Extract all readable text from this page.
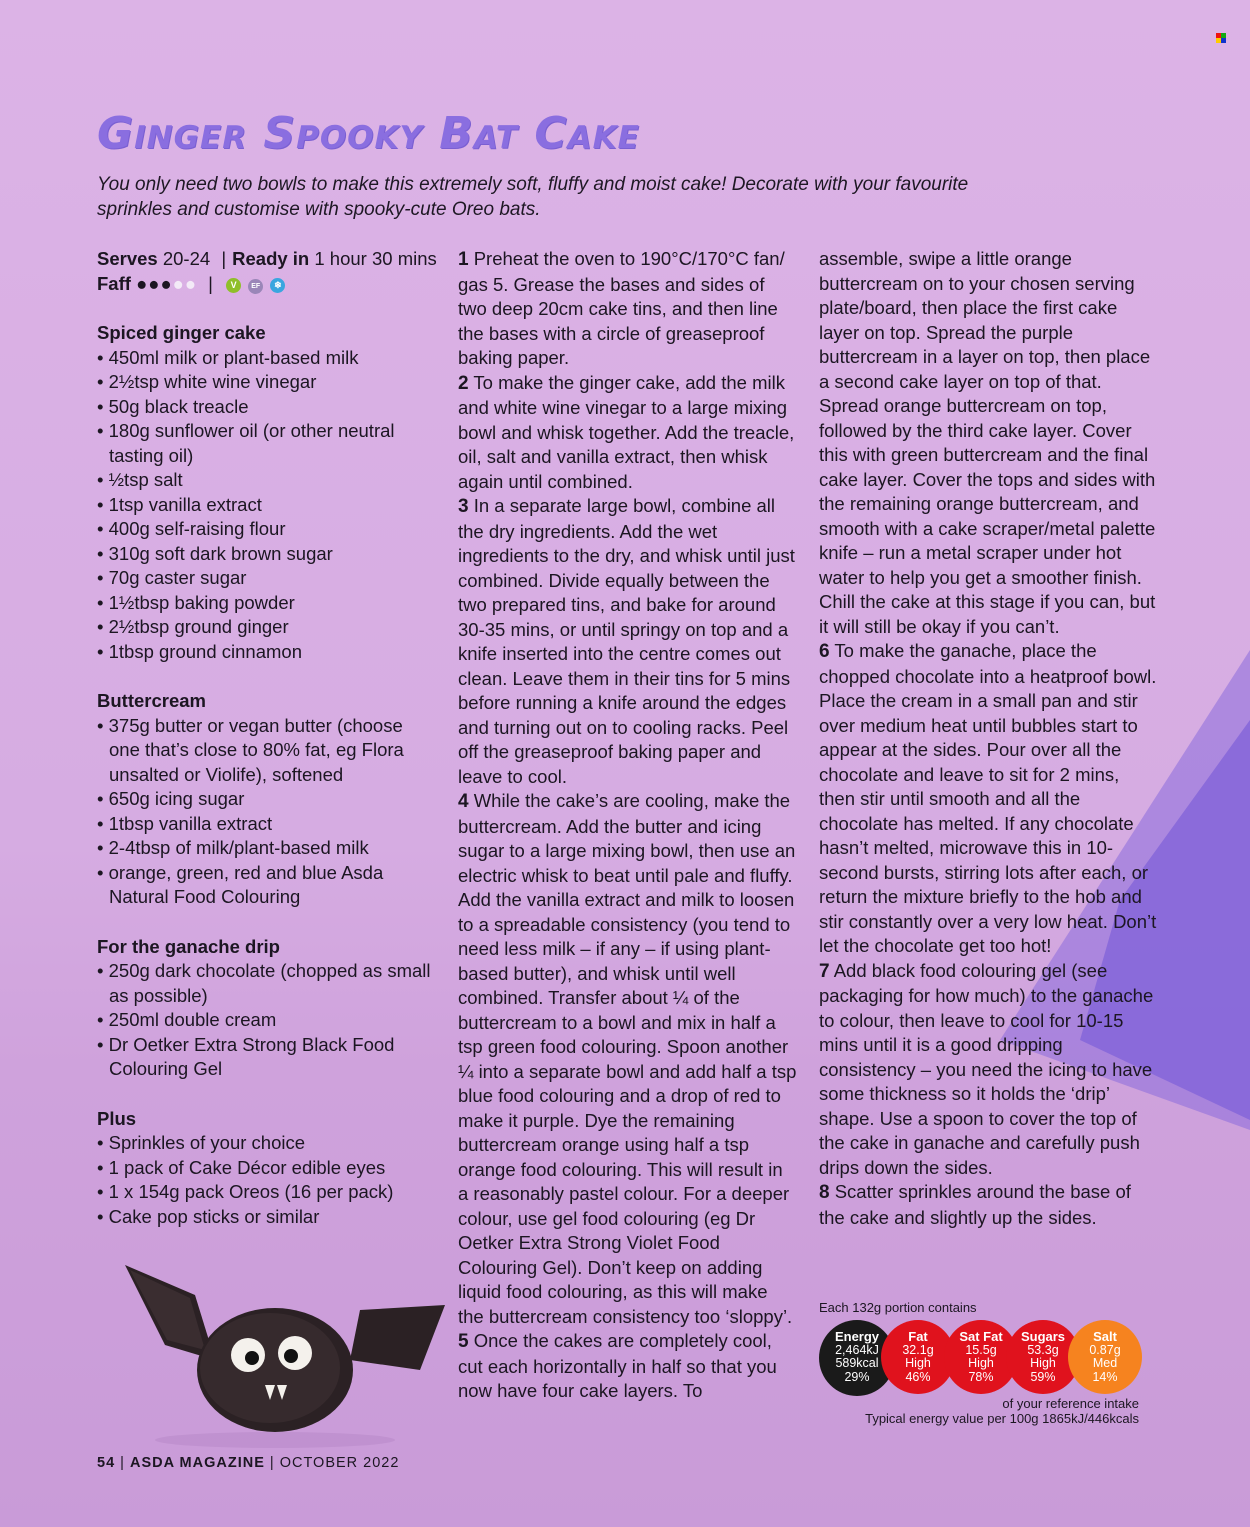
Ginger Spooky Bat Cake

You only need two bowls to make this extremely soft, fluffy and moist cake! Decorate with your favourite sprinkles and customise with spooky-cute Oreo bats.

Serves 20-24 | Ready in 1 hour 30 mins
Faff ●●●●● | V EF ❄
Spiced ginger cake
• 450ml milk or plant-based milk
• 2½tsp white wine vinegar
• 50g black treacle
• 180g sunflower oil (or other neutral tasting oil)
• ½tsp salt
• 1tsp vanilla extract
• 400g self-raising flour
• 310g soft dark brown sugar
• 70g caster sugar
• 1½tbsp baking powder
• 2½tbsp ground ginger
• 1tbsp ground cinnamon
Buttercream
• 375g butter or vegan butter (choose one that’s close to 80% fat, eg Flora unsalted or Violife), softened
• 650g icing sugar
• 1tbsp vanilla extract
• 2-4tbsp of milk/plant-based milk
• orange, green, red and blue Asda Natural Food Colouring
For the ganache drip
• 250g dark chocolate (chopped as small as possible)
• 250ml double cream
• Dr Oetker Extra Strong Black Food Colouring Gel
Plus
• Sprinkles of your choice
• 1 pack of Cake Décor edible eyes
• 1 x 154g pack Oreos (16 per pack)
• Cake pop sticks or similar

1 Preheat the oven to 190°C/170°C fan/ gas 5. Grease the bases and sides of two deep 20cm cake tins, and then line the bases with a circle of greaseproof baking paper.

2 To make the ginger cake, add the milk and white wine vinegar to a large mixing bowl and whisk together. Add the treacle, oil, salt and vanilla extract, then whisk again until combined.

3 In a separate large bowl, combine all the dry ingredients. Add the wet ingredients to the dry, and whisk until just combined. Divide equally between the two prepared tins, and bake for around 30-35 mins, or until springy on top and a knife inserted into the centre comes out clean. Leave them in their tins for 5 mins before running a knife around the edges and turning out on to cooling racks. Peel off the greaseproof baking paper and leave to cool.

4 While the cake’s are cooling, make the buttercream. Add the butter and icing sugar to a large mixing bowl, then use an electric whisk to beat until pale and fluffy. Add the vanilla extract and milk to loosen to a spreadable consistency (you tend to need less milk – if any – if using plant-based butter), and whisk until well combined. Transfer about ¼ of the buttercream to a bowl and mix in half a tsp green food colouring. Spoon another ¼ into a separate bowl and add half a tsp blue food colouring and a drop of red to make it purple. Dye the remaining buttercream orange using half a tsp orange food colouring. This will result in a reasonably pastel colour. For a deeper colour, use gel food colouring (eg Dr Oetker Extra Strong Violet Food Colouring Gel). Don’t keep on adding liquid food colouring, as this will make the buttercream consistency too ‘sloppy’.

5 Once the cakes are completely cool, cut each horizontally in half so that you now have four cake layers. To

assemble, swipe a little orange buttercream on to your chosen serving plate/board, then place the first cake layer on top. Spread the purple buttercream in a layer on top, then place a second cake layer on top of that. Spread orange buttercream on top, followed by the third cake layer. Cover this with green buttercream and the final cake layer. Cover the tops and sides with the remaining orange buttercream, and smooth with a cake scraper/metal palette knife – run a metal scraper under hot water to help you get a smoother finish. Chill the cake at this stage if you can, but it will still be okay if you can’t.

6 To make the ganache, place the chopped chocolate into a heatproof bowl. Place the cream in a small pan and stir over medium heat until bubbles start to appear at the sides. Pour over all the chocolate and leave to sit for 2 mins, then stir until smooth and all the chocolate has melted. If any chocolate hasn’t melted, microwave this in 10-second bursts, stirring lots after each, or return the mixture briefly to the hob and stir constantly over a very low heat. Don’t let the chocolate get too hot!

7 Add black food colouring gel (see packaging for how much) to the ganache to colour, then leave to cool for 10-15 mins until it is a good dripping consistency – you need the icing to have some thickness so it holds the ‘drip’ shape. Use a spoon to cover the top of the cake in ganache and carefully push drips down the sides.

8 Scatter sprinkles around the base of the cake and slightly up the sides.

Each 132g portion contains
Energy
2,464kJ
589kcal
29%
Fat
32.1g
High
46%
Sat Fat
15.5g
High
78%
Sugars
53.3g
High
59%
Salt
0.87g
Med
14%
of your reference intake
Typical energy value per 100g 1865kJ/446kcals
54 | ASDA MAGAZINE | OCTOBER 2022
